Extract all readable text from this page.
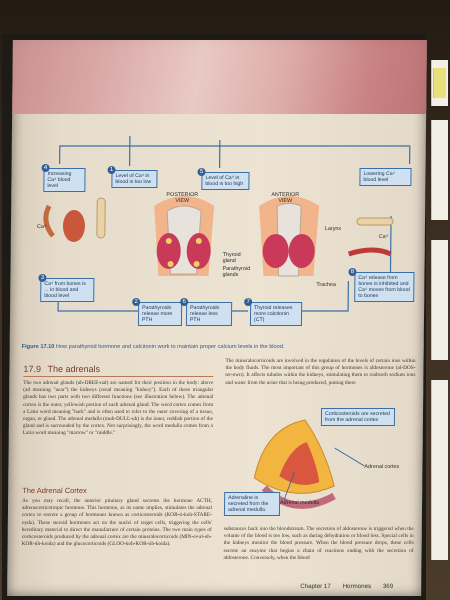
Increasing Ca⁴ blood level
Level of Ca⁴ in blood is too low
Level of Ca⁴ in blood is too high
Lowering Ca⁴ blood level
Ca⁴ from bones is ... in blood and blood level
Parathyroids release more PTH
Parathyroids release less PTH
Thyroid releases more calcitonin (CT)
Ca⁴ release from bones is inhibited and Ca⁴ moves from blood to bones
1
2
3
4
5
6	7
8
POSTERIOR VIEW
ANTERIOR VIEW
Ca⁴
Ca⁴
Larynx
Thyroid gland
Parathyroid glands
Trachea
Figure 17.10 How parathyroid hormone and calcitonin work to maintain proper calcium levels in the blood.
17.9 The adrenals

The two adrenal glands (ah-DREE-nal) are named for their position in the body: above (ad meaning "near") the kidneys (renal meaning "kidney"). Each of these triangular glands has two parts with two different functions (see illustration below). The adrenal cortex is the outer, yellowish portion of each adrenal gland. The word cortex comes from a Latin word meaning "bark" and is often used to refer to the outer covering of a tissue, organ, or gland. The adrenal medulla (muh-DULL-uh) is the inner, reddish portion of the gland and is surrounded by the cortex. Not surprisingly, the word medulla comes from a Latin word meaning "marrow" or "middle."

The Adrenal Cortex

As you may recall, the anterior pituitary gland secretes the hormone ACTH, adrenocorticotropic hormone. This hormone, as its name implies, stimulates the adrenal cortex to secrete a group of hormones known as corticosteroids (KOR-ti-koh-STARE-oydz). These steroid hormones act on the nuclei of target cells, triggering the cells' hereditary material to direct the manufacture of certain proteins. The two main types of corticosteroids produced by the adrenal cortex are the mineralocorticoids (MIN-er-al-oh-KOR-tih-koidz) and the glucocorticoids (GLOO-koh-KOR-tih-koidz).

The mineralocorticoids are involved in the regulation of the levels of certain ions within the body fluids. The most important of this group of hormones is aldosterone (al-DOS-ter-own). It affects tubules within the kidneys, stimulating them to reabsorb sodium ions and water from the urine that is being produced, putting these

Corticosteroids are secreted from the adrenal cortex
Adrenaline is secreted from the adrenal medulla
Adrenal cortex
Adrenal medulla

substances back into the bloodstream. The secretion of aldosterone is triggered when the volume of the blood is too low, such as during dehydration or blood loss. Special cells in the kidneys monitor the blood pressure. When the blood pressure drops, these cells secrete an enzyme that begins a chain of reactions ending with the secretion of aldosterone. Conversely, when the blood

Chapter 17 Hormones 369
